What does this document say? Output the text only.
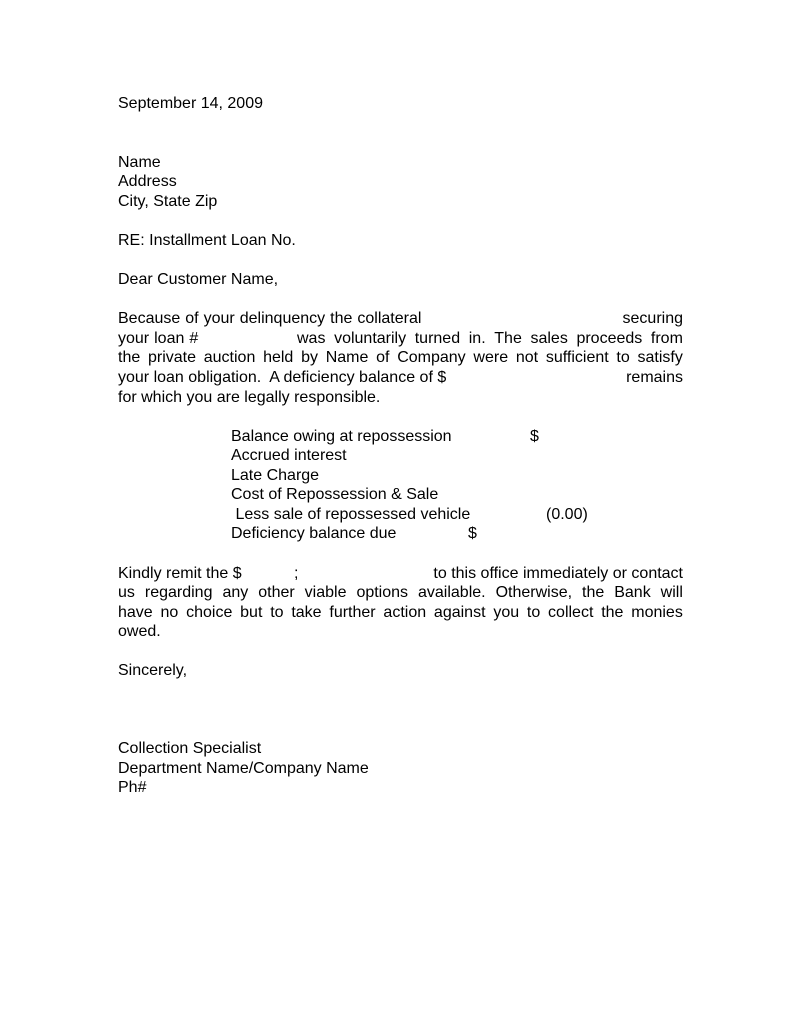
September 14, 2009
Name
Address
City, State Zip
RE: Installment Loan No.
Dear Customer Name,
Because of your delinquency the collateral	securing
your loan #	was voluntarily turned in. The sales proceeds from
the private auction held by Name of Company were not sufficient to satisfy
your loan obligation.  A deficiency balance of $	remains
for which you are legally responsible.
Balance owing at repossession	$
Accrued interest
Late Charge
Cost of Repossession & Sale
Less sale of repossessed vehicle	(0.00)
Deficiency balance due	$
Kindly remit the $	;	to this office immediately or contact
us regarding any other viable options available. Otherwise, the Bank will
have no choice but to take further action against you to collect the monies
owed.
Sincerely,
Collection Specialist
Department Name/Company Name
Ph#
